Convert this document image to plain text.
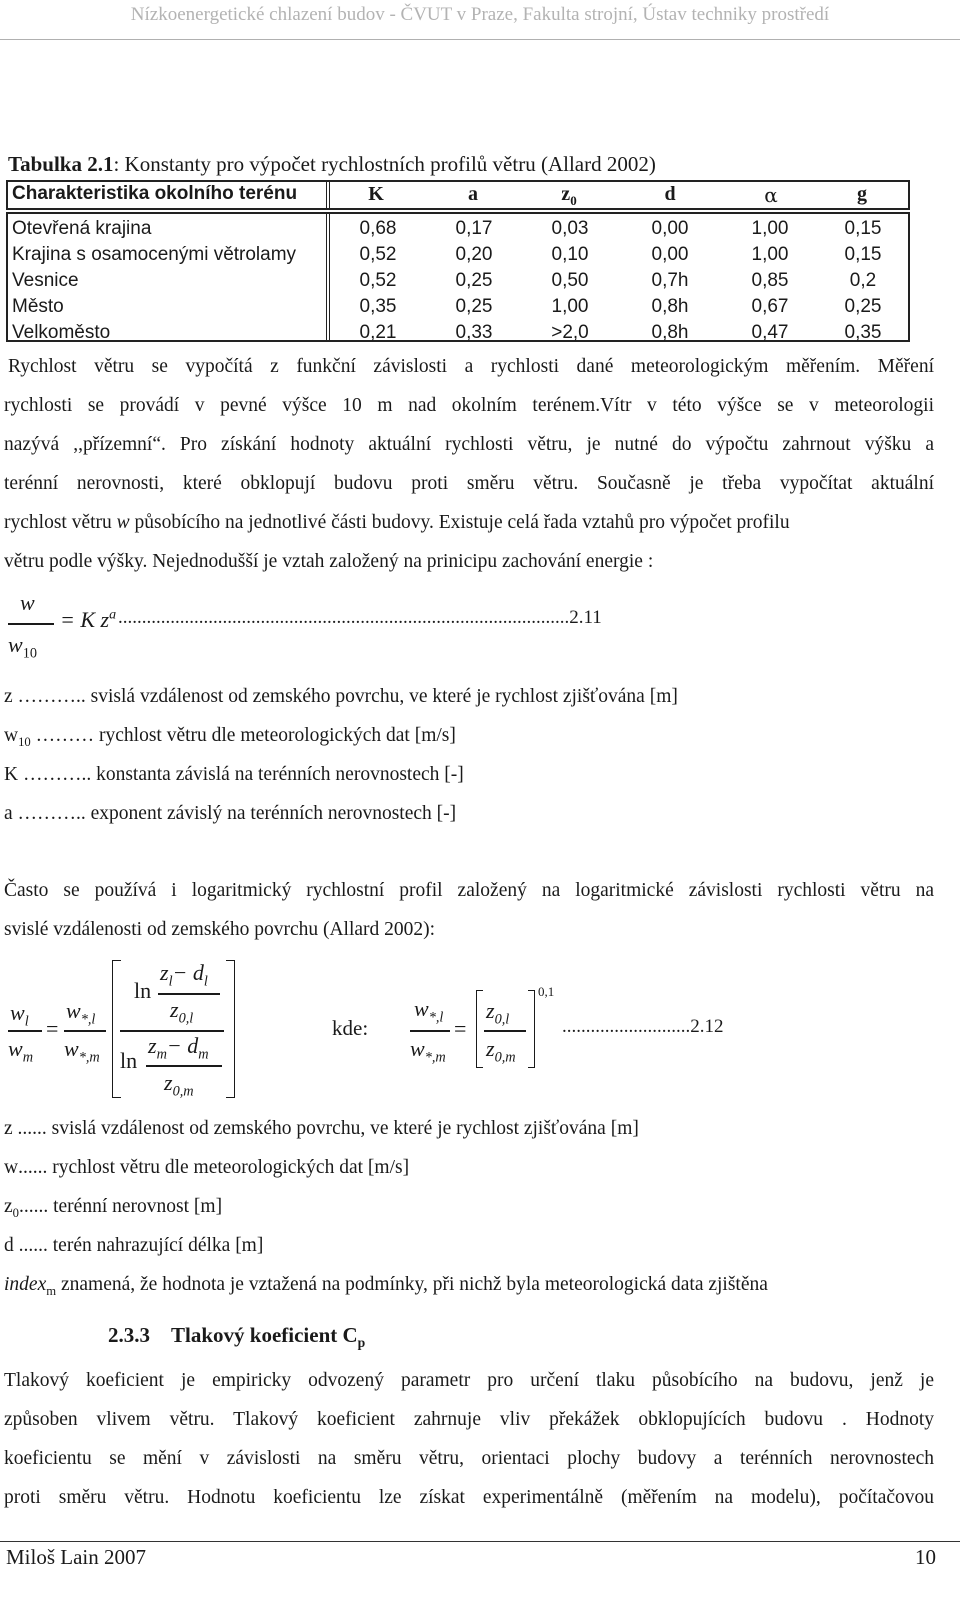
Nízkoenergetické chlazení budov - ČVUT v Praze, Fakulta strojní, Ústav techniky prostředí
Tabulka 2.1: Konstanty pro výpočet rychlostních profilů větru (Allard 2002)
Charakteristika okolního terénu	K	a	$z_0$	d	α	g
Otevřená krajina	0,68	0,17	0,03	0,00	1,00	0,15
Krajina s osamocenými větrolamy	0,52	0,20	0,10	0,00	1,00	0,15
Vesnice	0,52	0,25	0,50	0,7h	0,85	0,2
Město	0,35	0,25	1,00	0,8h	0,67	0,25
Velkoměsto	0,21	0,33	>2,0	0,8h	0,47	0,35
Rychlost větru se vypočítá z funkční závislosti a rychlosti dané meteorologickým měřením. Měření
rychlosti se provádí v pevné výšce 10 m nad okolním terénem.Vítr v této výšce se v meteorologii
nazývá ,,přízemní“. Pro získání hodnoty aktuální rychlosti větru, je nutné do výpočtu zahrnout výšku a
terénní nerovnosti, které obklopují budovu proti směru větru. Současně je třeba vypočítat aktuální
rychlost větru w působícího na jednotlivé části budovy. Existuje celá řada vztahů pro výpočet profilu
větru podle výšky. Nejednodušší je vztah založený na prinicipu zachování energie :
w
$w_{10}$
= K $z^a$ ...............................................................................................2.11
z ……….. svislá vzdálenost od zemského povrchu, ve které je rychlost zjišťována [m]
$w_{10}$ ……… rychlost větru dle meteorologických dat [m/s]
K ……….. konstanta závislá na terénních nerovnostech [-]
a ……….. exponent závislý na terénních nerovnostech [-]
Často se používá i logaritmický rychlostní profil založený na logaritmické závislosti rychlosti větru na
svislé vzdálenosti od zemského povrchu (Allard 2002):
$w_l$
$w_m$
=
$w_{*,l}$
$w_{*,m}$
ln
$z_l- d_l$
$z_{0,l}$
ln
$z_m- d_m$
$z_{0,m}$
kde:
$w_{*,l}$
$w_{*,m}$
=
$z_{0,l}$
$z_{0,m}$
0,1
...........................2.12
z ...... svislá vzdálenost od zemského povrchu, ve které je rychlost zjišťována [m]
w...... rychlost větru dle meteorologických dat [m/s]
$z_0$...... terénní nerovnost [m]
d ...... terén nahrazující délka [m]
index$_m$ znamená, že hodnota je vztažená na podmínky, při nichž byla meteorologická data zjištěna
2.3.3 Tlakový koeficient $C_p$
Tlakový koeficient je empiricky odvozený parametr pro určení tlaku působícího na budovu, jenž je
způsoben vlivem větru. Tlakový koeficient zahrnuje vliv překážek obklopujících budovu . Hodnoty
koeficientu se mění v závislosti na směru větru, orientaci plochy budovy a terénních nerovnostech
proti směru větru. Hodnotu koeficientu lze získat experimentálně (měřením na modelu), počítačovou
Miloš Lain 2007	10
